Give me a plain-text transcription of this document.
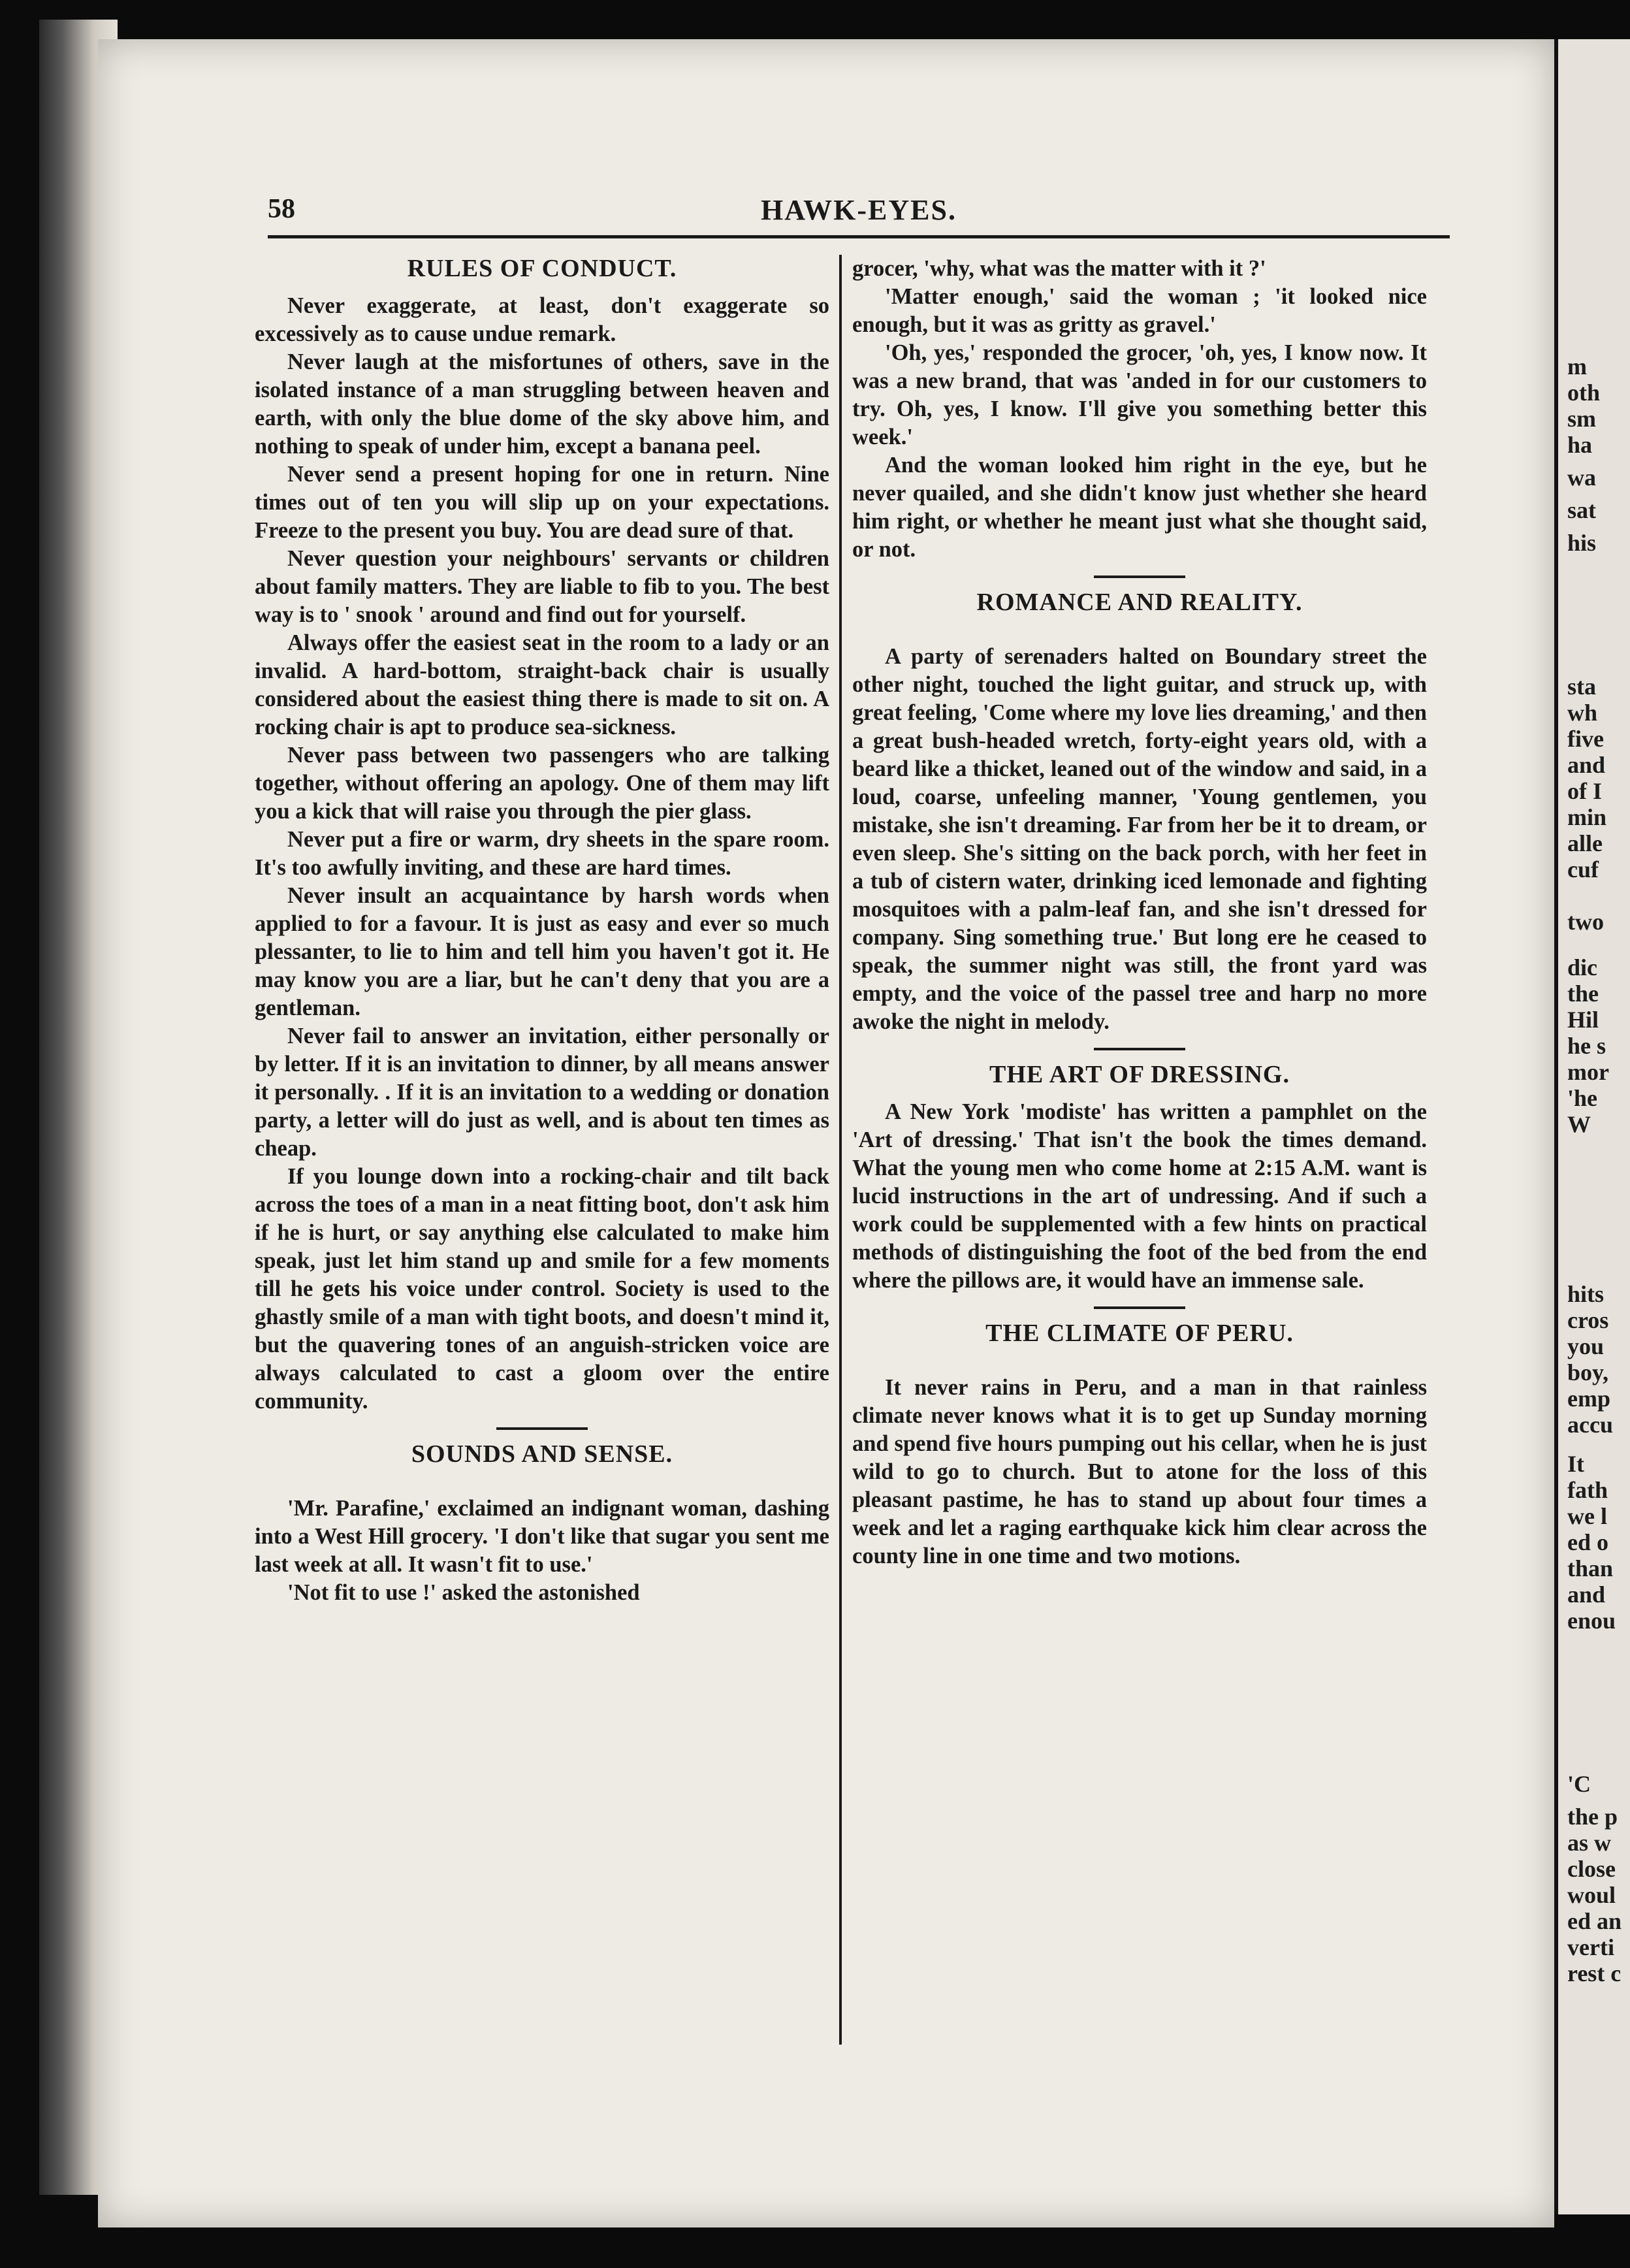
58	HAWK-EYES.
RULES OF CONDUCT.

Never exaggerate, at least, don't exaggerate so excessively as to cause undue remark.

Never laugh at the misfortunes of others, save in the isolated instance of a man struggling between heaven and earth, with only the blue dome of the sky above him, and nothing to speak of under him, except a banana peel.

Never send a present hoping for one in return. Nine times out of ten you will slip up on your expectations. Freeze to the present you buy. You are dead sure of that.

Never question your neighbours' servants or children about family matters. They are liable to fib to you. The best way is to ' snook ' around and find out for yourself.

Always offer the easiest seat in the room to a lady or an invalid. A hard-bottom, straight-back chair is usually considered about the easiest thing there is made to sit on. A rocking chair is apt to produce sea-sickness.

Never pass between two passengers who are talking together, without offering an apology. One of them may lift you a kick that will raise you through the pier glass.

Never put a fire or warm, dry sheets in the spare room. It's too awfully inviting, and these are hard times.

Never insult an acquaintance by harsh words when applied to for a favour. It is just as easy and ever so much plessanter, to lie to him and tell him you haven't got it. He may know you are a liar, but he can't deny that you are a gentleman.

Never fail to answer an invitation, either personally or by letter. If it is an invitation to dinner, by all means answer it personally. . If it is an invitation to a wedding or donation party, a letter will do just as well, and is about ten times as cheap.

If you lounge down into a rocking-chair and tilt back across the toes of a man in a neat fitting boot, don't ask him if he is hurt, or say anything else calculated to make him speak, just let him stand up and smile for a few moments till he gets his voice under control. Society is used to the ghastly smile of a man with tight boots, and doesn't mind it, but the quavering tones of an anguish-stricken voice are always calculated to cast a gloom over the entire community.

SOUNDS AND SENSE.

'Mr. Parafine,' exclaimed an indignant woman, dashing into a West Hill grocery. 'I don't like that sugar you sent me last week at all. It wasn't fit to use.'

'Not fit to use !' asked the astonished

grocer, 'why, what was the matter with it ?'

'Matter enough,' said the woman ; 'it looked nice enough, but it was as gritty as gravel.'

'Oh, yes,' responded the grocer, 'oh, yes, I know now. It was a new brand, that was 'anded in for our customers to try. Oh, yes, I know. I'll give you something better this week.'

And the woman looked him right in the eye, but he never quailed, and she didn't know just whether she heard him right, or whether he meant just what she thought said, or not.

ROMANCE AND REALITY.

A party of serenaders halted on Boundary street the other night, touched the light guitar, and struck up, with great feeling, 'Come where my love lies dreaming,' and then a great bush-headed wretch, forty-eight years old, with a beard like a thicket, leaned out of the window and said, in a loud, coarse, unfeeling manner, 'Young gentlemen, you mistake, she isn't dreaming. Far from her be it to dream, or even sleep. She's sitting on the back porch, with her feet in a tub of cistern water, drinking iced lemonade and fighting mosquitoes with a palm-leaf fan, and she isn't dressed for company. Sing something true.' But long ere he ceased to speak, the summer night was still, the front yard was empty, and the voice of the passel tree and harp no more awoke the night in melody.

THE ART OF DRESSING.

A New York 'modiste' has written a pamphlet on the 'Art of dressing.' That isn't the book the times demand. What the young men who come home at 2:15 A.M. want is lucid instructions in the art of undressing. And if such a work could be supplemented with a few hints on practical methods of distinguishing the foot of the bed from the end where the pillows are, it would have an immense sale.

THE CLIMATE OF PERU.

It never rains in Peru, and a man in that rainless climate never knows what it is to get up Sunday morning and spend five hours pumping out his cellar, when he is just wild to go to church. But to atone for the loss of this pleasant pastime, he has to stand up about four times a week and let a raging earthquake kick him clear across the county line in one time and two motions.

m
oth
sm
ha
wa
sat
his
sta
wh
five
and
of I
min
alle
cuf
two
dic
the
Hil
he s
mor
'he
W
hits
cros
you
boy,
emp
accu
It
fath
we l
ed o
than
and
enou
'C
the p
as w
close
woul
ed an
verti
rest c
